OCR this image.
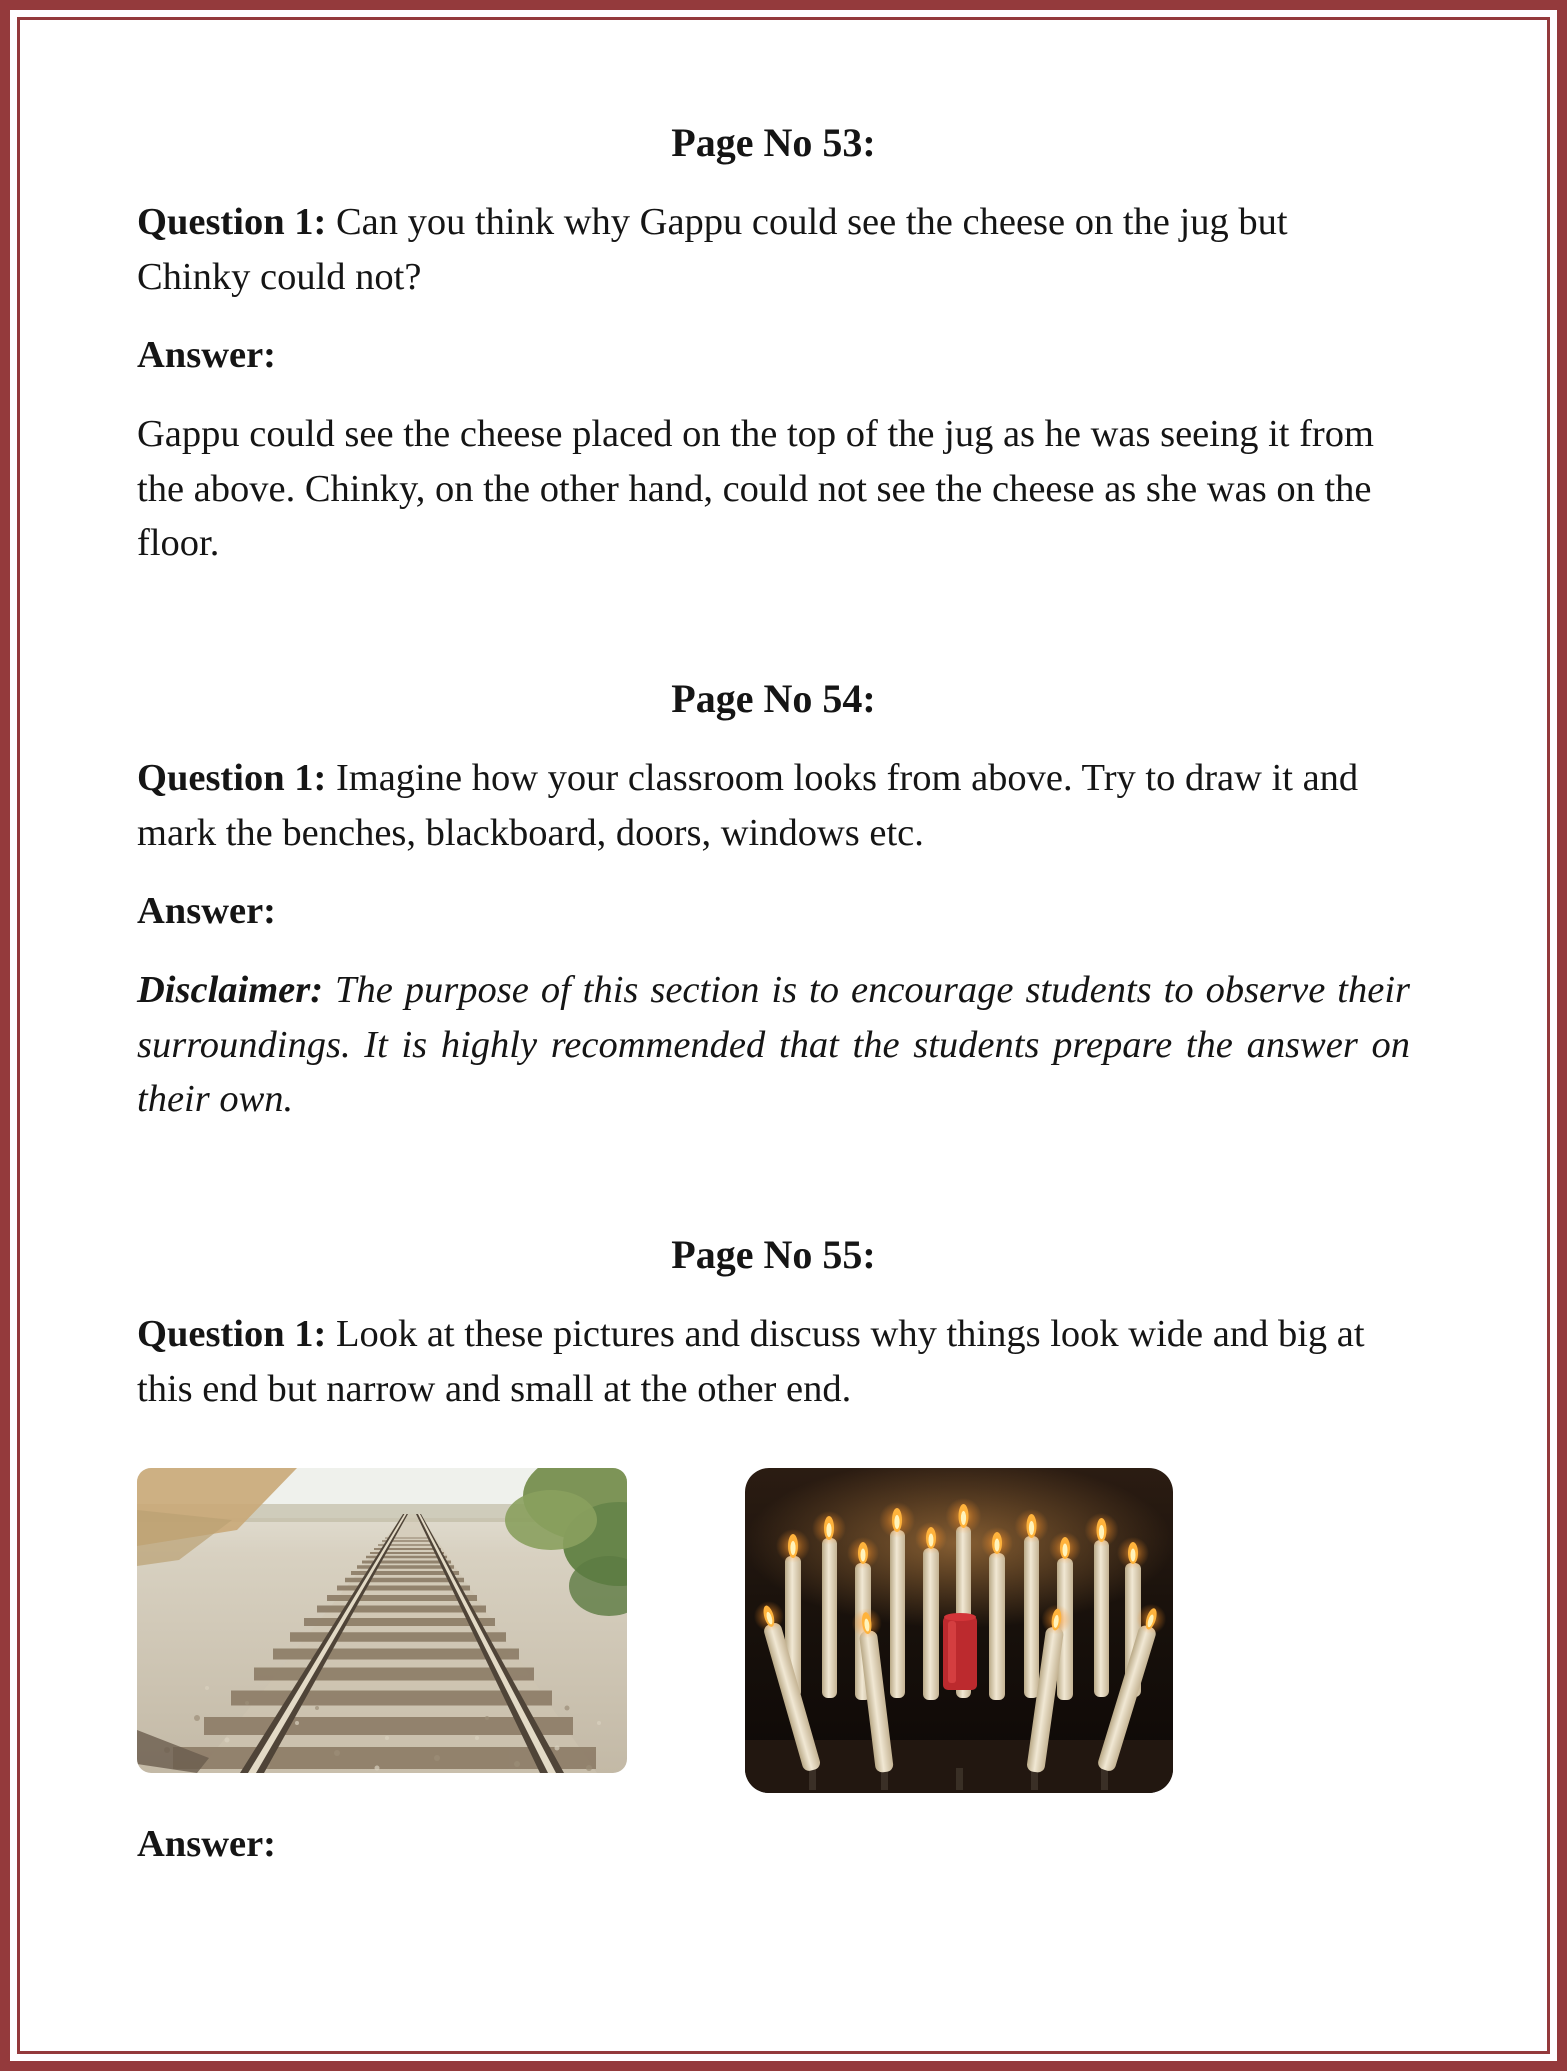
Page No 53:

Question 1: Can you think why Gappu could see the cheese on the jug but Chinky could not?

Answer:

Gappu could see the cheese placed on the top of the jug as he was seeing it from the above. Chinky, on the other hand, could not see the cheese as she was on the floor.

Page No 54:

Question 1: Imagine how your classroom looks from above. Try to draw it and mark the benches, blackboard, doors, windows etc.

Answer:

Disclaimer: The purpose of this section is to encourage students to observe their surroundings. It is highly recommended that the students prepare the answer on their own.

Page No 55:

Question 1: Look at these pictures and discuss why things look wide and big at this end but narrow and small at the other end.

Answer:
